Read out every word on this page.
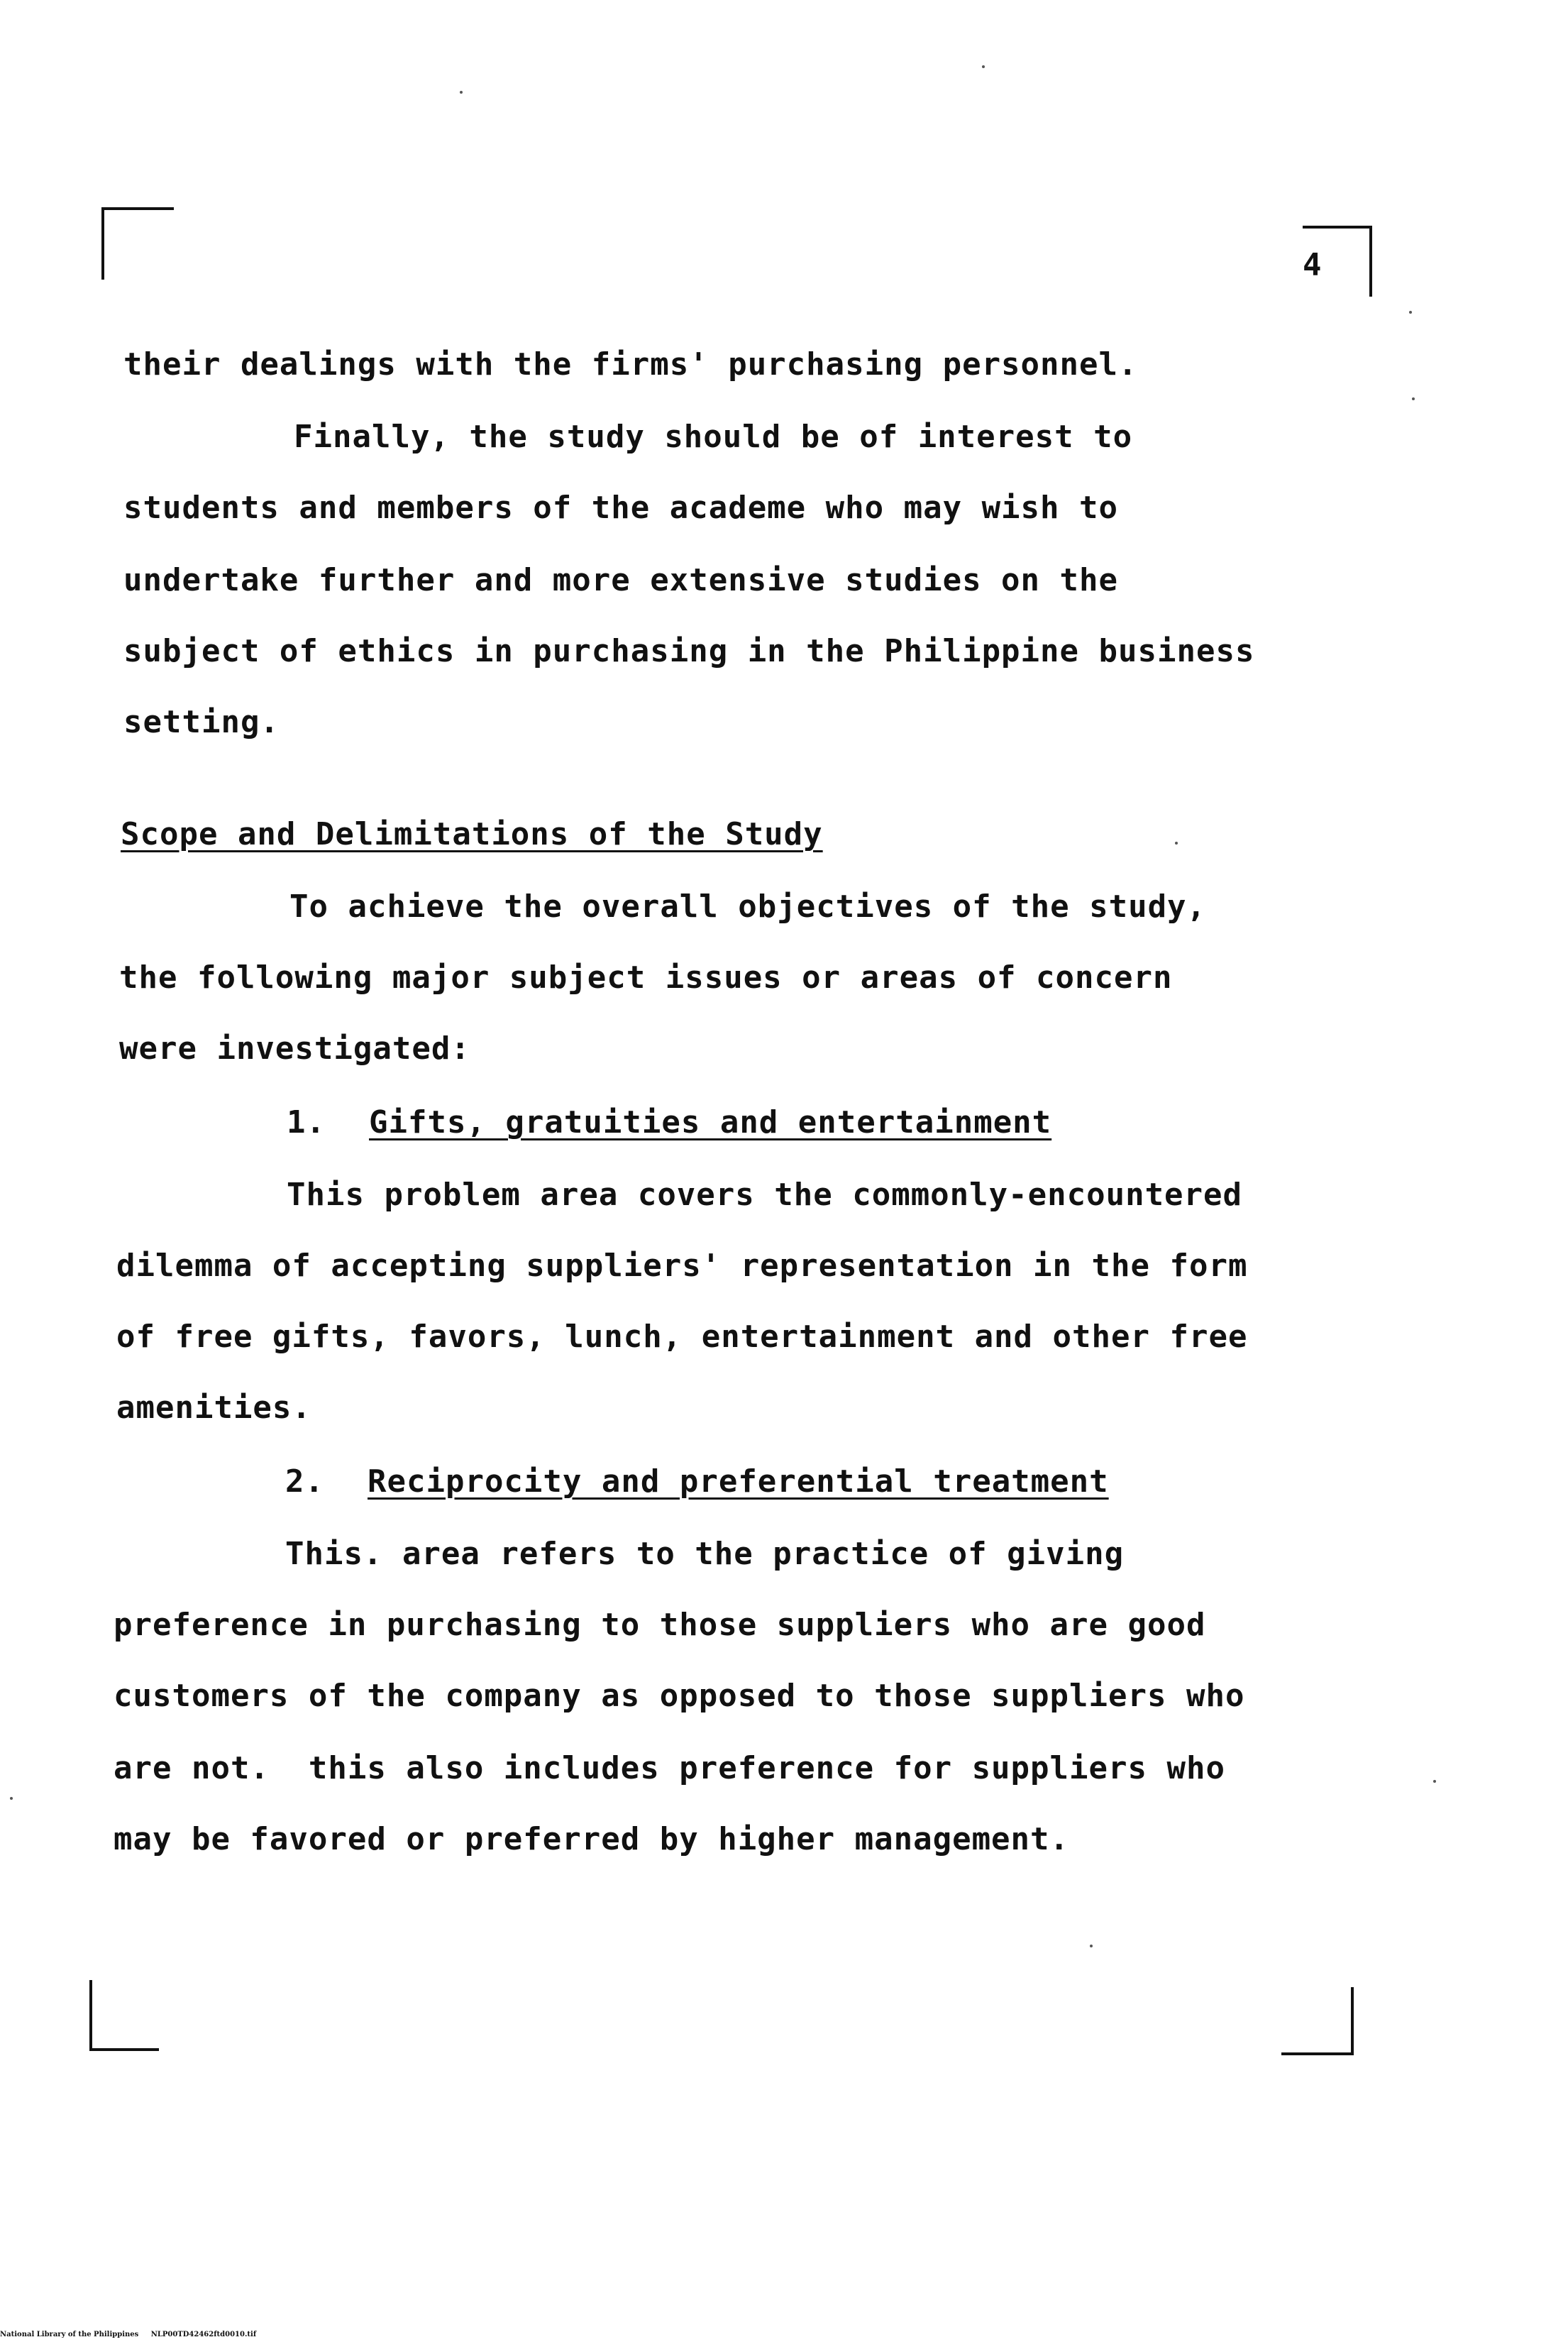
4
their dealings with the firms' purchasing personnel.
Finally, the study should be of interest to
students and members of the academe who may wish to
undertake further and more extensive studies on the
subject of ethics in purchasing in the Philippine business
setting.
Scope and Delimitations of the Study
To achieve the overall objectives of the study,
the following major subject issues or areas of concern
were investigated:
1. Gifts, gratuities and entertainment
This problem area covers the commonly-encountered
dilemma of accepting suppliers' representation in the form
of free gifts, favors, lunch, entertainment and other free
amenities.
2. Reciprocity and preferential treatment
This. area refers to the practice of giving
preference in purchasing to those suppliers who are good
customers of the company as opposed to those suppliers who
are not.  this also includes preference for suppliers who
may be favored or preferred by higher management.
National Library of the Philippines     NLP00TD42462ftd0010.tif
